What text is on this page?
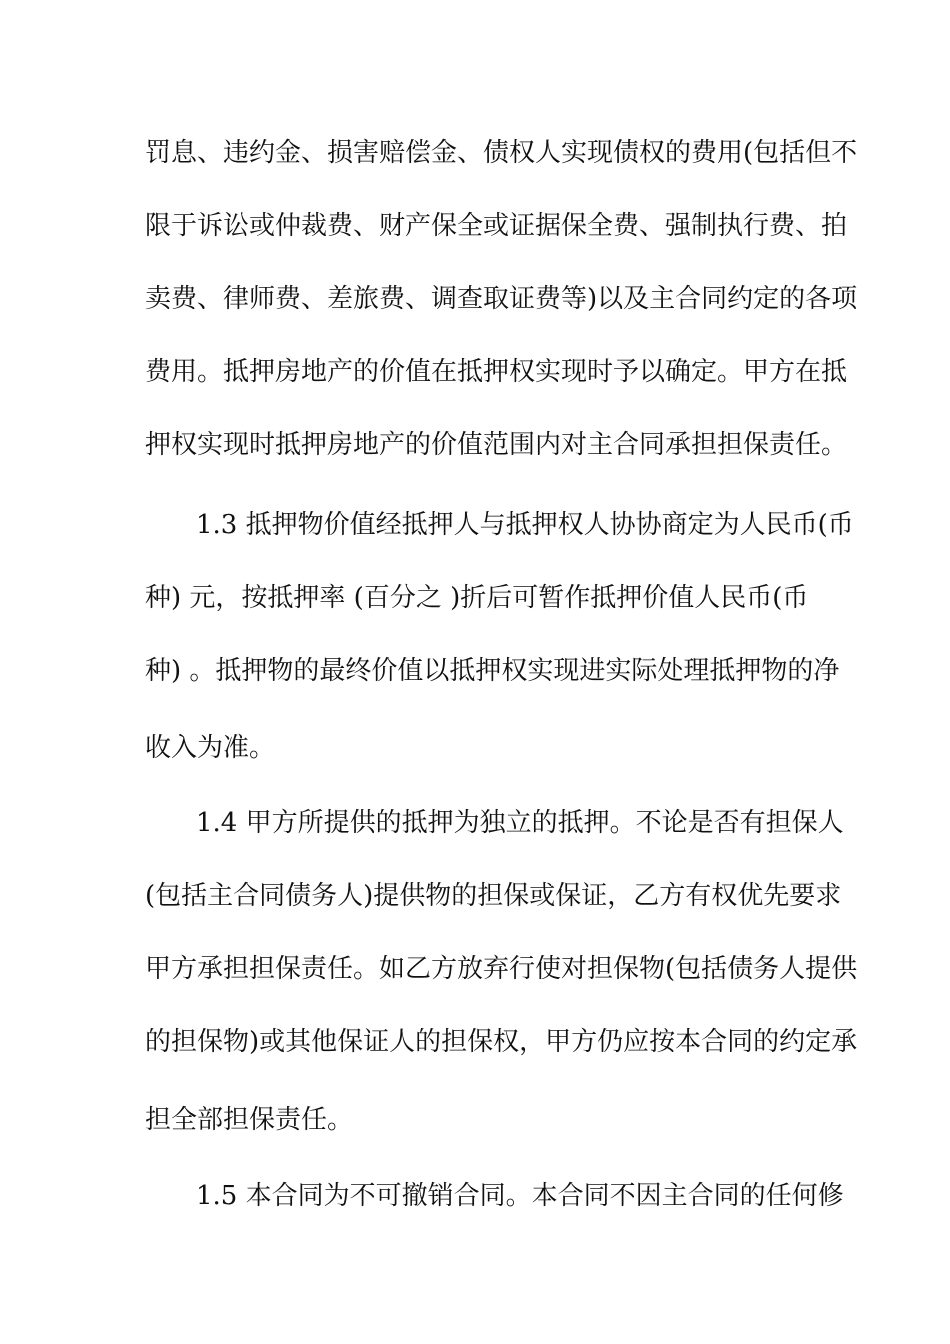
罚息、违约金、损害赔偿金、债权人实现债权的费用(包括但不
限于诉讼或仲裁费、财产保全或证据保全费、强制执行费、拍
卖费、律师费、差旅费、调查取证费等)以及主合同约定的各项
费用。抵押房地产的价值在抵押权实现时予以确定。甲方在抵
押权实现时抵押房地产的价值范围内对主合同承担担保责任。
1.3 抵押物价值经抵押人与抵押权人协协商定为人民币(币
种) 元，按抵押率 (百分之 )折后可暂作抵押价值人民币(币
种) 。抵押物的最终价值以抵押权实现进实际处理抵押物的净
收入为准。
1.4 甲方所提供的抵押为独立的抵押。不论是否有担保人
(包括主合同债务人)提供物的担保或保证，乙方有权优先要求
甲方承担担保责任。如乙方放弃行使对担保物(包括债务人提供
的担保物)或其他保证人的担保权，甲方仍应按本合同的约定承
担全部担保责任。
1.5 本合同为不可撤销合同。本合同不因主合同的任何修
